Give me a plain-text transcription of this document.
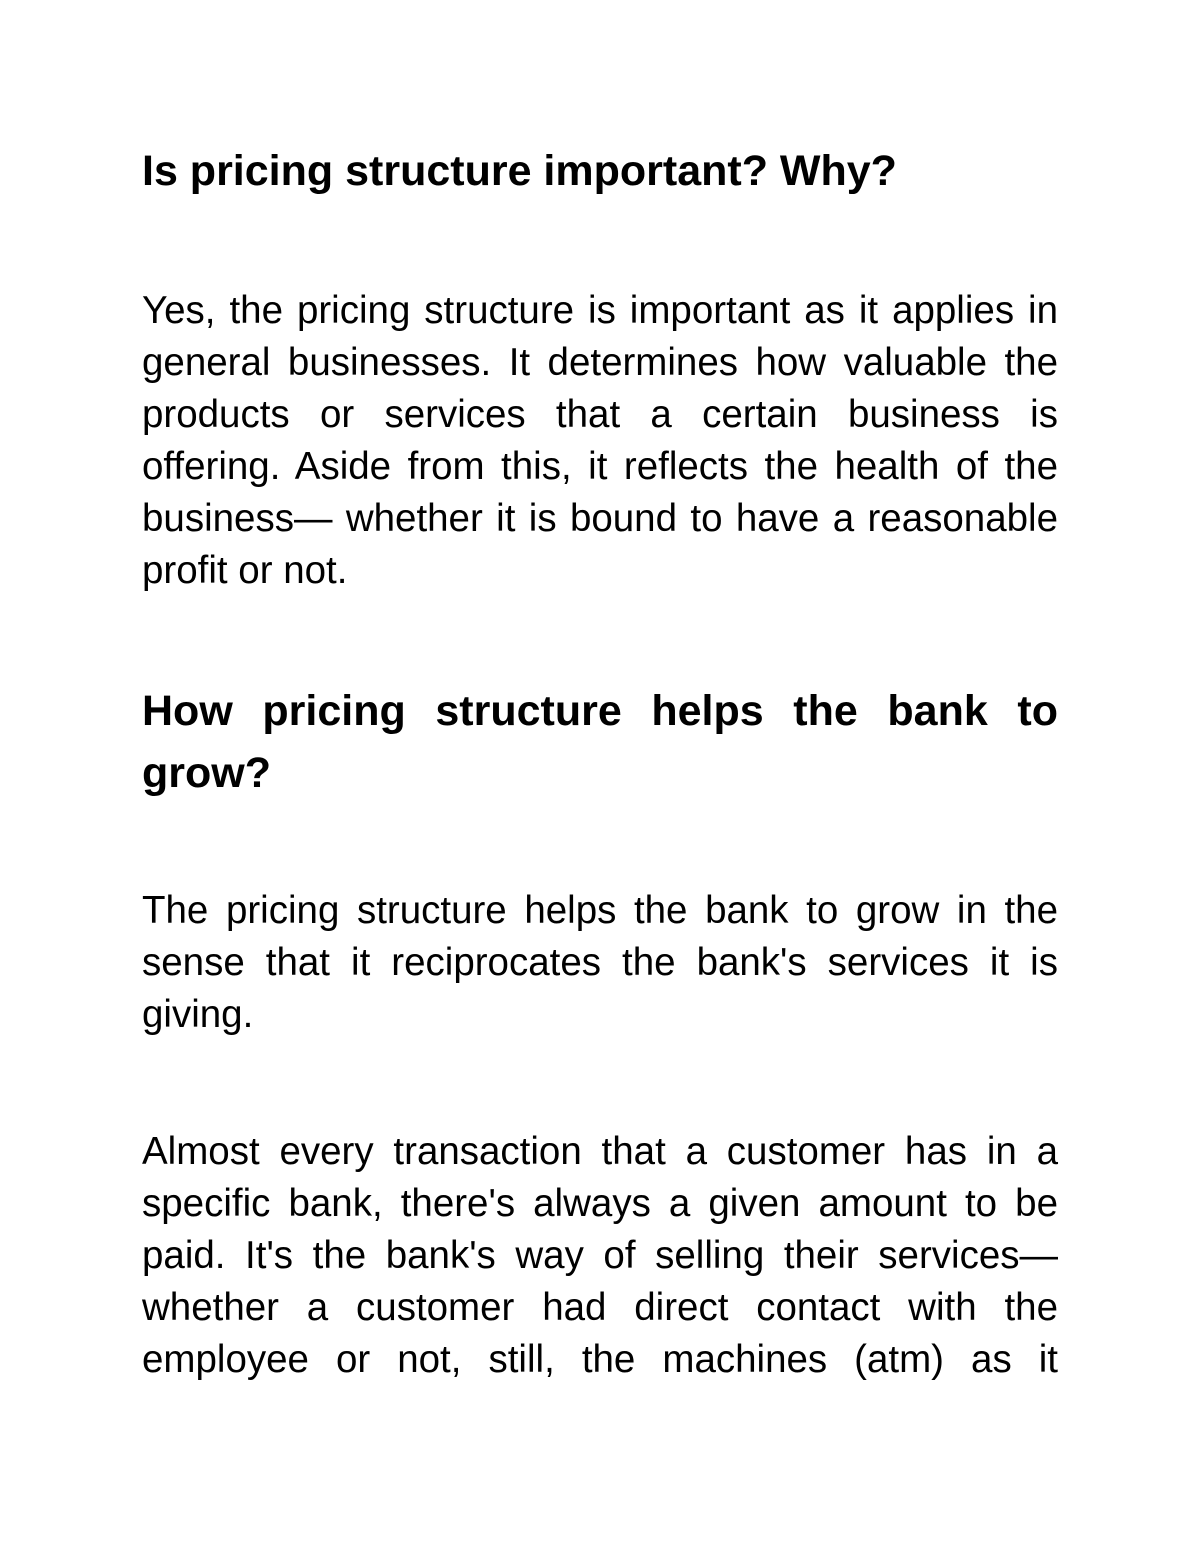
Is pricing structure important? Why?

Yes, the pricing structure is important as it applies in general businesses. It determines how valuable the products or services that a certain business is offering. Aside from this, it reflects the health of the business— whether it is bound to have a reasonable profit or not.

How pricing structure helps the bank to grow?

The pricing structure helps the bank to grow in the sense that it reciprocates the bank's services it is giving.

Almost every transaction that a customer has in a specific bank, there's always a given amount to be paid. It's the bank's way of selling their services— whether a customer had direct contact with the employee or not, still, the machines (atm) as it
